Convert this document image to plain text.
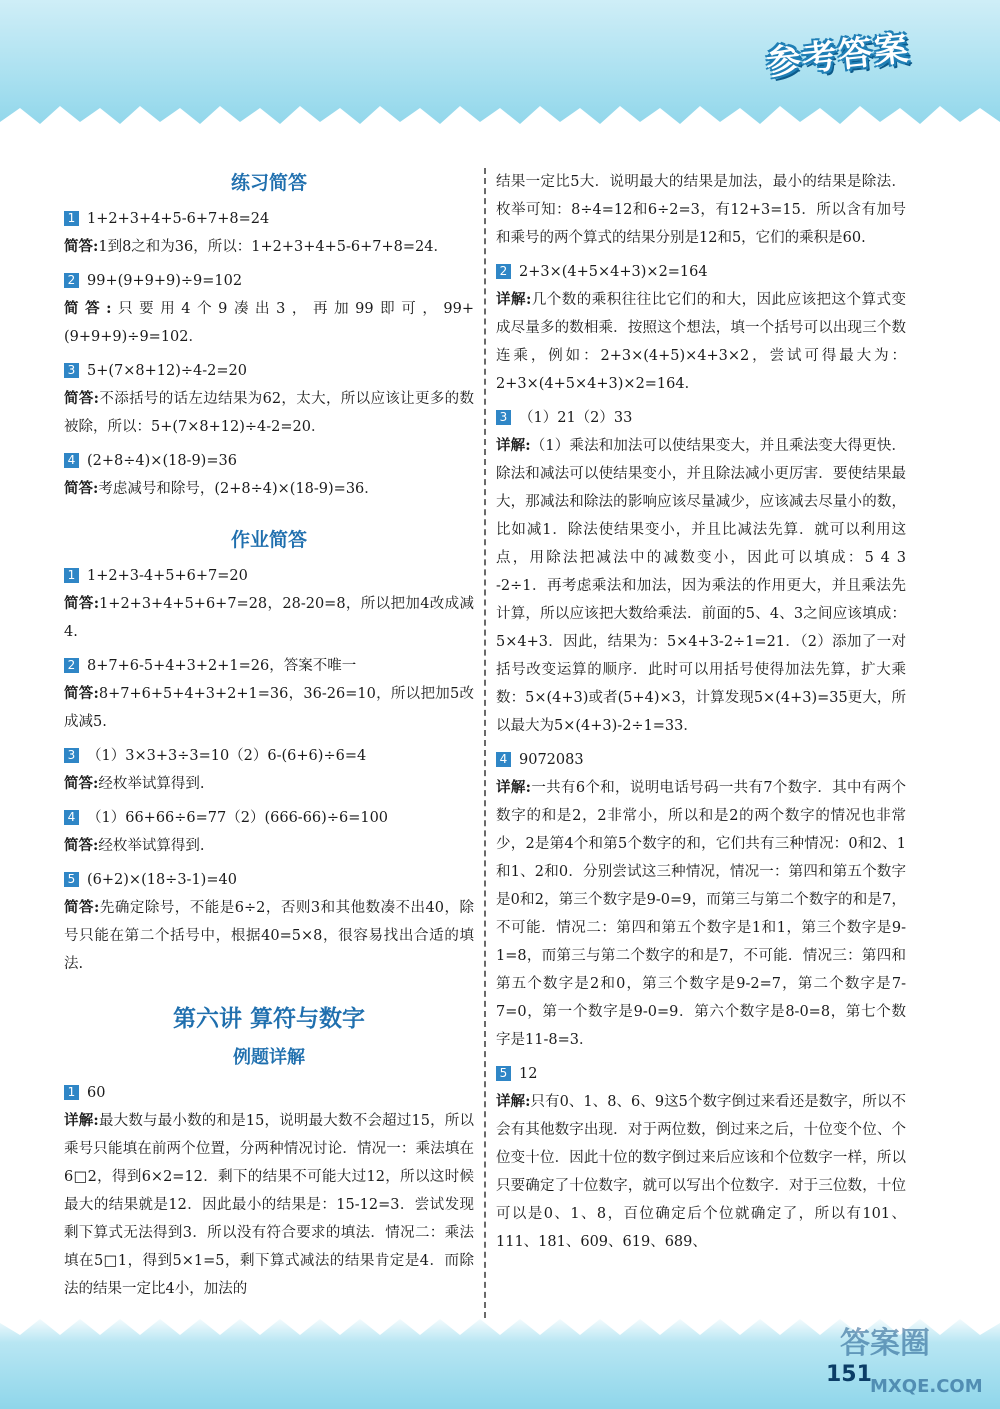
参考答案
答案圈
151
MXQE.COM
练习简答
1 1+2+3+4+5-6+7+8=24
简答:1到8之和为36，所以：1+2+3+4+5-6+7+8=24．
2 99+(9+9+9)÷9=102
简答:只要用4个9凑出3，再加99即可，99+(9+9+9)÷9=102．
3 5+(7×8+12)÷4-2=20
简答:不添括号的话左边结果为62，太大，所以应该让更多的数被除，所以：5+(7×8+12)÷4-2=20．
4 (2+8÷4)×(18-9)=36
简答:考虑减号和除号，(2+8÷4)×(18-9)=36．
作业简答
1 1+2+3-4+5+6+7=20
简答:1+2+3+4+5+6+7=28，28-20=8，所以把加4改成减4.
2 8+7+6-5+4+3+2+1=26，答案不唯一
简答:8+7+6+5+4+3+2+1=36，36-26=10，所以把加5改成减5.
3 （1）3×3+3÷3=10（2）6-(6+6)÷6=4
简答:经枚举试算得到.
4 （1）66+66÷6=77（2）(666-66)÷6=100
简答:经枚举试算得到.
5 (6+2)×(18÷3-1)=40
简答:先确定除号，不能是6÷2，否则3和其他数凑不出40，除号只能在第二个括号中，根据40=5×8，很容易找出合适的填法.
第六讲 算符与数字
例题详解
1 60
详解:最大数与最小数的和是15，说明最大数不会超过15，所以乘号只能填在前两个位置，分两种情况讨论．情况一：乘法填在6□2，得到6×2=12．剩下的结果不可能大过12，所以这时候最大的结果就是12．因此最小的结果是：15-12=3．尝试发现剩下算式无法得到3．所以没有符合要求的填法．情况二：乘法填在5□1，得到5×1=5，剩下算式减法的结果肯定是4．而除法的结果一定比4小，加法的
结果一定比5大．说明最大的结果是加法，最小的结果是除法．枚举可知：8÷4=12和6÷2=3，有12+3=15．所以含有加号和乘号的两个算式的结果分别是12和5，它们的乘积是60.
2 2+3×(4+5×4+3)×2=164
详解:几个数的乘积往往比它们的和大，因此应该把这个算式变成尽量多的数相乘．按照这个想法，填一个括号可以出现三个数连乘，例如：2+3×(4+5)×4+3×2，尝试可得最大为：2+3×(4+5×4+3)×2=164．
3 （1）21（2）33
详解:（1）乘法和加法可以使结果变大，并且乘法变大得更快．除法和减法可以使结果变小，并且除法减小更厉害．要使结果最大，那减法和除法的影响应该尽量减少，应该减去尽量小的数，比如减1．除法使结果变小，并且比减法先算．就可以利用这点，用除法把减法中的减数变小，因此可以填成：5 4 3 -2÷1．再考虑乘法和加法，因为乘法的作用更大，并且乘法先计算，所以应该把大数给乘法．前面的5、4、3之间应该填成：5×4+3．因此，结果为：5×4+3-2÷1=21．（2）添加了一对括号改变运算的顺序．此时可以用括号使得加法先算，扩大乘数：5×(4+3)或者(5+4)×3，计算发现5×(4+3)=35更大，所以最大为5×(4+3)-2÷1=33．
4 9072083
详解:一共有6个和，说明电话号码一共有7个数字．其中有两个数字的和是2，2非常小，所以和是2的两个数字的情况也非常少，2是第4个和第5个数字的和，它们共有三种情况：0和2、1和1、2和0．分别尝试这三种情况，情况一：第四和第五个数字是0和2，第三个数字是9-0=9，而第三与第二个数字的和是7，不可能．情况二：第四和第五个数字是1和1，第三个数字是9-1=8，而第三与第二个数字的和是7，不可能．情况三：第四和第五个数字是2和0，第三个数字是9-2=7，第二个数字是7-7=0，第一个数字是9-0=9．第六个数字是8-0=8，第七个数字是11-8=3．
5 12
详解:只有0、1、8、6、9这5个数字倒过来看还是数字，所以不会有其他数字出现．对于两位数，倒过来之后，十位变个位、个位变十位．因此十位的数字倒过来后应该和个位数字一样，所以只要确定了十位数字，就可以写出个位数字．对于三位数，十位可以是0、1、8，百位确定后个位就确定了，所以有101、111、181、609、619、689、
